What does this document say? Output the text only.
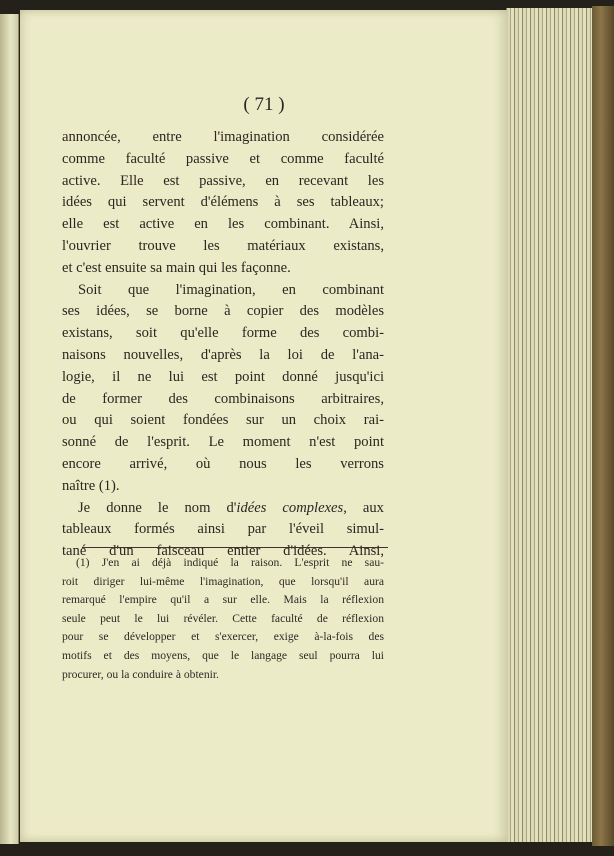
( 71 )
annoncée, entre l'imagination considérée
comme faculté passive et comme faculté
active. Elle est passive, en recevant les
idées qui servent d'élémens à ses tableaux;
elle est active en les combinant. Ainsi,
l'ouvrier trouve les matériaux existans,
et c'est ensuite sa main qui les façonne.
Soit que l'imagination, en combinant
ses idées, se borne à copier des modèles
existans, soit qu'elle forme des combi-
naisons nouvelles, d'après la loi de l'ana-
logie, il ne lui est point donné jusqu'ici
de former des combinaisons arbitraires,
ou qui soient fondées sur un choix rai-
sonné de l'esprit. Le moment n'est point
encore arrivé, où nous les verrons
naître (1).
Je donne le nom d'idées complexes, aux
tableaux formés ainsi par l'éveil simul-
tané d'un faisceau entier d'idées. Ainsi,
(1) J'en ai déjà indiqué la raison. L'esprit ne sau-
roit diriger lui-même l'imagination, que lorsqu'il aura
remarqué l'empire qu'il a sur elle. Mais la réflexion
seule peut le lui révéler. Cette faculté de réflexion
pour se développer et s'exercer, exige à-la-fois des
motifs et des moyens, que le langage seul pourra lui
procurer, ou la conduire à obtenir.
